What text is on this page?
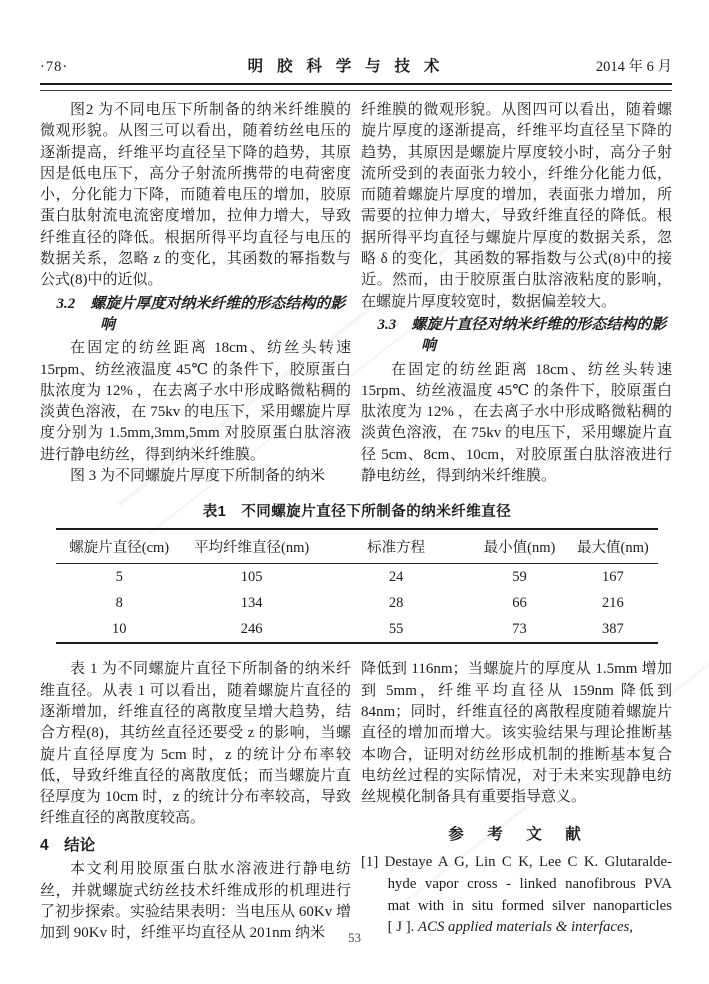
·78·	明 胶 科 学 与 技 术	2014 年 6 月

图2 为不同电压下所制备的纳米纤维膜的微观形貌。从图三可以看出，随着纺丝电压的逐渐提高，纤维平均直径呈下降的趋势，其原因是低电压下，高分子射流所携带的电荷密度小，分化能力下降，而随着电压的增加，胶原蛋白肽射流电流密度增加，拉伸力增大，导致纤维直径的降低。根据所得平均直径与电压的数据关系，忽略 z 的变化，其函数的幂指数与公式(8)中的近似。

3.2　螺旋片厚度对纳米纤维的形态结构的影响

在固定的纺丝距离 18cm、纺丝头转速 15rpm、纺丝液温度 45℃ 的条件下，胶原蛋白肽浓度为 12% ，在去离子水中形成略微粘稠的淡黄色溶液，在 75kv 的电压下，采用螺旋片厚度分别为 1.5mm,3mm,5mm 对胶原蛋白肽溶液进行静电纺丝，得到纳米纤维膜。

图 3 为不同螺旋片厚度下所制备的纳米

纤维膜的微观形貌。从图四可以看出，随着螺旋片厚度的逐渐提高，纤维平均直径呈下降的趋势，其原因是螺旋片厚度较小时，高分子射流所受到的表面张力较小，纤维分化能力低，而随着螺旋片厚度的增加，表面张力增加，所需要的拉伸力增大，导致纤维直径的降低。根据所得平均直径与螺旋片厚度的数据关系，忽略 δ 的变化，其函数的幂指数与公式(8)中的接近。然而，由于胶原蛋白肽溶液粘度的影响，在螺旋片厚度较宽时，数据偏差较大。

3.3　螺旋片直径对纳米纤维的形态结构的影响

在固定的纺丝距离 18cm、纺丝头转速 15rpm、纺丝液温度 45℃ 的条件下，胶原蛋白肽浓度为 12% ，在去离子水中形成略微粘稠的淡黄色溶液，在 75kv 的电压下，采用螺旋片直径 5cm、8cm、10cm，对胶原蛋白肽溶液进行静电纺丝，得到纳米纤维膜。

表1　不同螺旋片直径下所制备的纳米纤维直径
螺旋片直径(cm)	平均纤维直径(nm)	标准方程	最小值(nm)	最大值(nm)
5	105	24	59	167
8	134	28	66	216
10	246	55	73	387

表 1 为不同螺旋片直径下所制备的纳米纤维直径。从表 1 可以看出，随着螺旋片直径的逐渐增加，纤维直径的离散度呈增大趋势，结合方程(8)，其纺丝直径还要受 z 的影响，当螺旋片直径厚度为 5cm 时，z 的统计分布率较低，导致纤维直径的离散度低；而当螺旋片直径厚度为 10cm 时，z 的统计分布率较高，导致纤维直径的离散度较高。

4　结论

本文利用胶原蛋白肽水溶液进行静电纺丝，并就螺旋式纺丝技术纤维成形的机理进行了初步探索。实验结果表明：当电压从 60Kv 增加到 90Kv 时，纤维平均直径从 201nm 纳米

降低到 116nm；当螺旋片的厚度从 1.5mm 增加到 5mm，纤维平均直径从 159nm 降低到 84nm；同时，纤维直径的离散程度随着螺旋片直径的增加而增大。该实验结果与理论推断基本吻合，证明对纺丝形成机制的推断基本复合电纺丝过程的实际情况，对于未来实现静电纺丝规模化制备具有重要指导意义。

参　考　文　献
[1] Destaye A G, Lin C K, Lee C K. Glutaralde-
hyde vapor cross - linked nanofibrous PVA
mat with in situ formed silver nanoparticles
[ J ]. ACS applied materials & interfaces,
53
